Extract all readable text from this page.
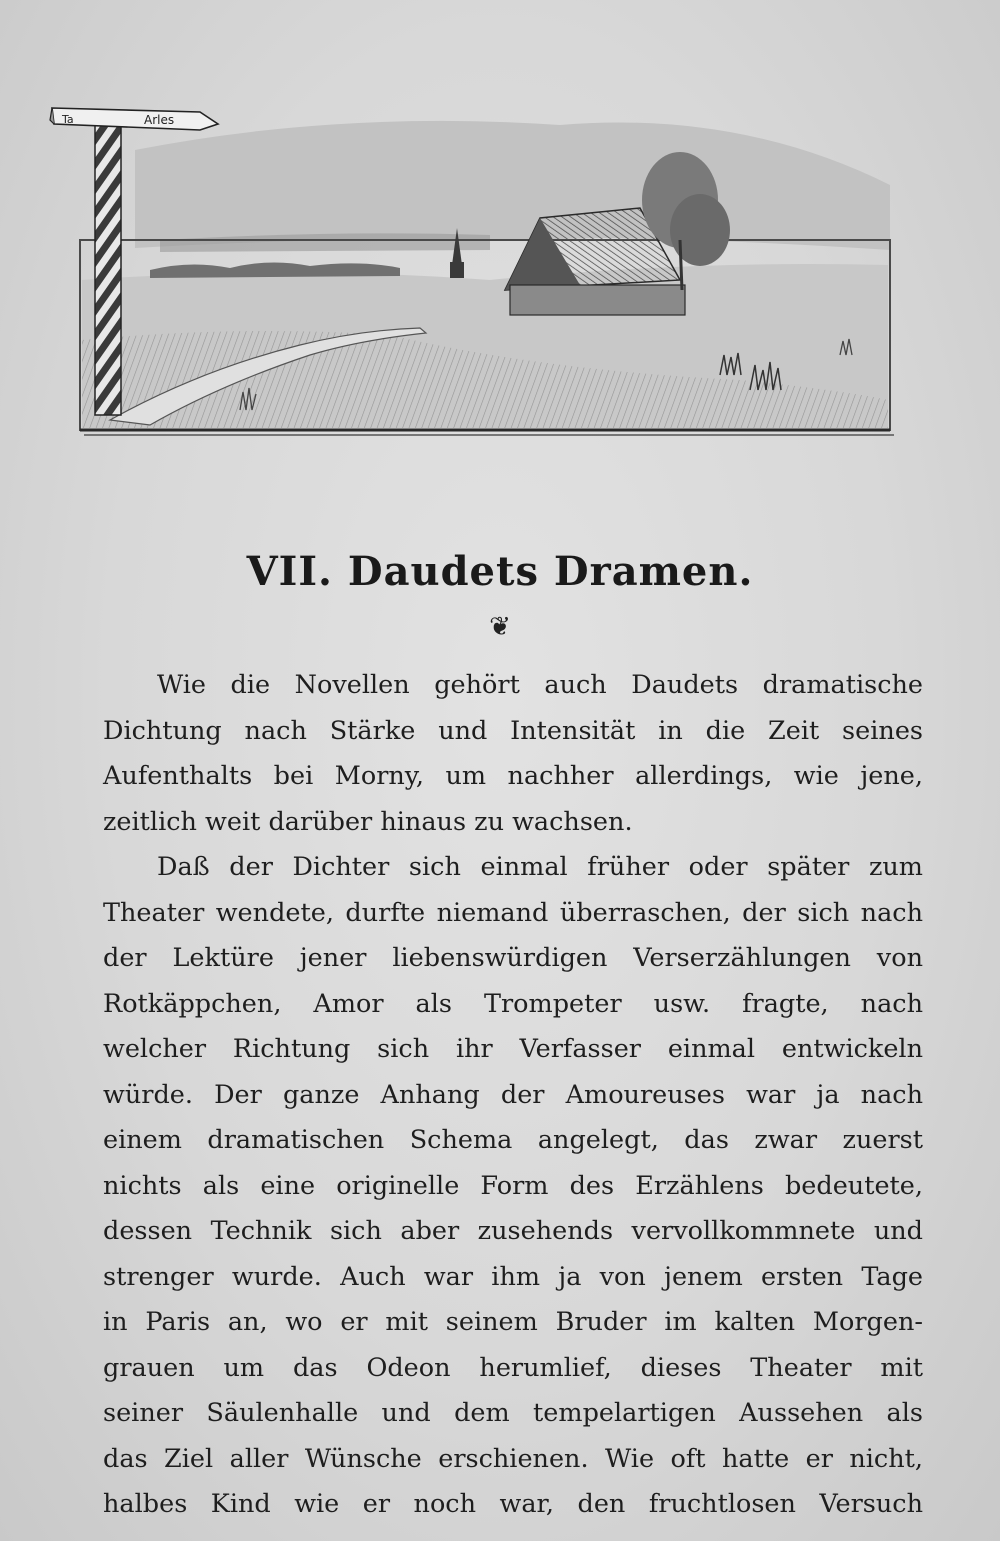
Ta	Arles
VII. Daudets Dramen.
❦
Wie die Novellen gehört auch Daudets dramatische
Dichtung nach Stärke und Intensität in die Zeit seines
Aufenthalts bei Morny, um nachher allerdings, wie jene,
zeitlich weit darüber hinaus zu wachsen.
Daß der Dichter sich einmal früher oder später zum
Theater wendete, durfte niemand überraschen, der sich nach
der Lektüre jener liebenswürdigen Verserzählungen von
Rotkäppchen, Amor als Trompeter usw. fragte, nach
welcher Richtung sich ihr Verfasser einmal entwickeln
würde. Der ganze Anhang der Amoureuses war ja nach
einem dramatischen Schema angelegt, das zwar zuerst
nichts als eine originelle Form des Erzählens bedeutete,
dessen Technik sich aber zusehends vervollkommnete und
strenger wurde. Auch war ihm ja von jenem ersten Tage
in Paris an, wo er mit seinem Bruder im kalten Morgen-
grauen um das Odeon herumlief, dieses Theater mit
seiner Säulenhalle und dem tempelartigen Aussehen als
das Ziel aller Wünsche erschienen. Wie oft hatte er nicht,
halbes Kind wie er noch war, den fruchtlosen Versuch
